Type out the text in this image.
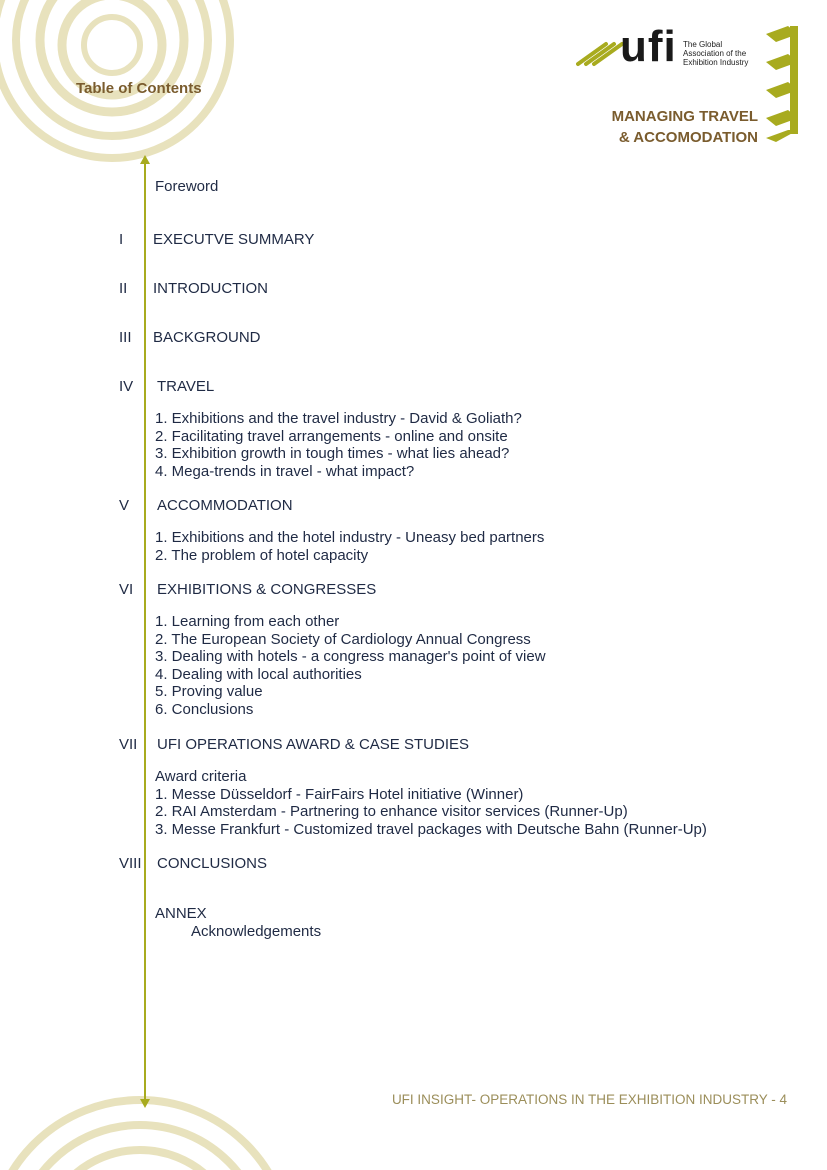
Table of Contents
ufi The Global
Association of the
Exhibition Industry
MANAGING TRAVEL
& ACCOMODATION
Foreword
I EXECUTVE SUMMARY
II INTRODUCTION
III BACKGROUND
IV TRAVEL
1. Exhibitions and the travel industry - David & Goliath?
2. Facilitating travel arrangements - online and onsite
3. Exhibition growth in tough times - what lies ahead?
4. Mega-trends in travel - what impact?
V ACCOMMODATION
1. Exhibitions and the hotel industry - Uneasy bed partners
2. The problem of hotel capacity
VI EXHIBITIONS & CONGRESSES
1. Learning from each other
2. The European Society of Cardiology Annual Congress
3. Dealing with hotels - a congress manager's point of view
4. Dealing with local authorities
5. Proving value
6. Conclusions
VII UFI OPERATIONS AWARD & CASE STUDIES
Award criteria
1. Messe Düsseldorf - FairFairs Hotel initiative (Winner)
2. RAI Amsterdam - Partnering to enhance visitor services (Runner-Up)
3. Messe Frankfurt - Customized travel packages with Deutsche Bahn (Runner-Up)
VIII CONCLUSIONS
ANNEX
Acknowledgements
UFI INSIGHT- OPERATIONS IN THE EXHIBITION INDUSTRY - 4
